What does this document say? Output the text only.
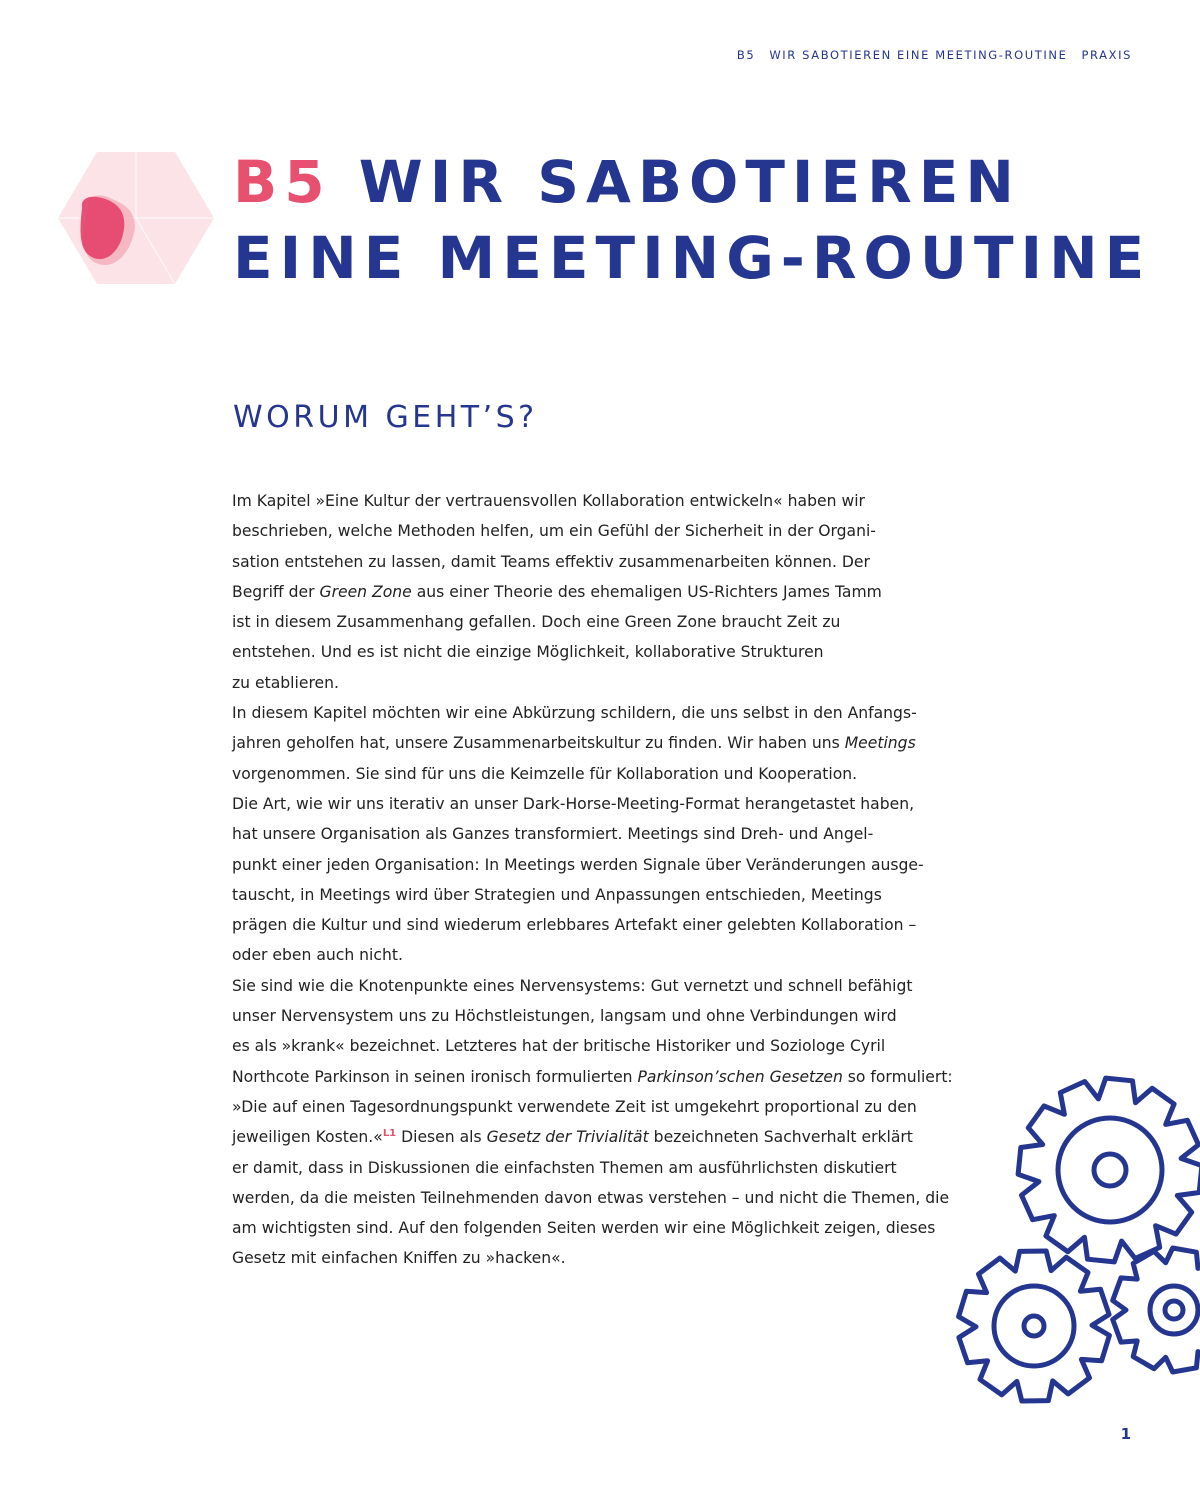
B5 WIR SABOTIEREN EINE MEETING-ROUTINE PRAXIS
B5 WIR SABOTIEREN
EINE MEETING-ROUTINE
WORUM GEHT’S?

Im Kapitel »Eine Kultur der vertrauensvollen Kollaboration entwickeln« haben wir
beschrieben, welche Methoden helfen, um ein Gefühl der Sicherheit in der Organi-
sation entstehen zu lassen, damit Teams effektiv zusammenarbeiten können. Der
Begriff der Green Zone aus einer Theorie des ehemaligen US-Richters James Tamm
ist in diesem Zusammenhang gefallen. Doch eine Green Zone braucht Zeit zu
entstehen. Und es ist nicht die einzige Möglichkeit, kollaborative Strukturen
zu etablieren.
In diesem Kapitel möchten wir eine Abkürzung schildern, die uns selbst in den Anfangs-
jahren geholfen hat, unsere Zusammenarbeitskultur zu finden. Wir haben uns Meetings
vorgenommen. Sie sind für uns die Keimzelle für Kollaboration und Kooperation.
Die Art, wie wir uns iterativ an unser Dark-Horse-Meeting-Format herangetastet haben,
hat unsere Organisation als Ganzes transformiert. Meetings sind Dreh- und Angel-
punkt einer jeden Organisation: In Meetings werden Signale über Veränderungen ausge-
tauscht, in Meetings wird über Strategien und Anpassungen entschieden, Meetings
prägen die Kultur und sind wiederum erlebbares Artefakt einer gelebten Kollaboration –
oder eben auch nicht.
Sie sind wie die Knotenpunkte eines Nervensystems: Gut vernetzt und schnell befähigt
unser Nervensystem uns zu Höchstleistungen, langsam und ohne Verbindungen wird
es als »krank« bezeichnet. Letzteres hat der britische Historiker und Soziologe Cyril
Northcote Parkinson in seinen ironisch formulierten Parkinson’schen Gesetzen so formuliert:
»Die auf einen Tagesordnungspunkt verwendete Zeit ist umgekehrt proportional zu den
jeweiligen Kosten.«$^{L1}$ Diesen als Gesetz der Trivialität bezeichneten Sachverhalt erklärt
er damit, dass in Diskussionen die einfachsten Themen am ausführlichsten diskutiert
werden, da die meisten Teilnehmenden davon etwas verstehen – und nicht die Themen, die
am wichtigsten sind. Auf den folgenden Seiten werden wir eine Möglichkeit zeigen, dieses
Gesetz mit einfachen Kniffen zu »hacken«.

1
